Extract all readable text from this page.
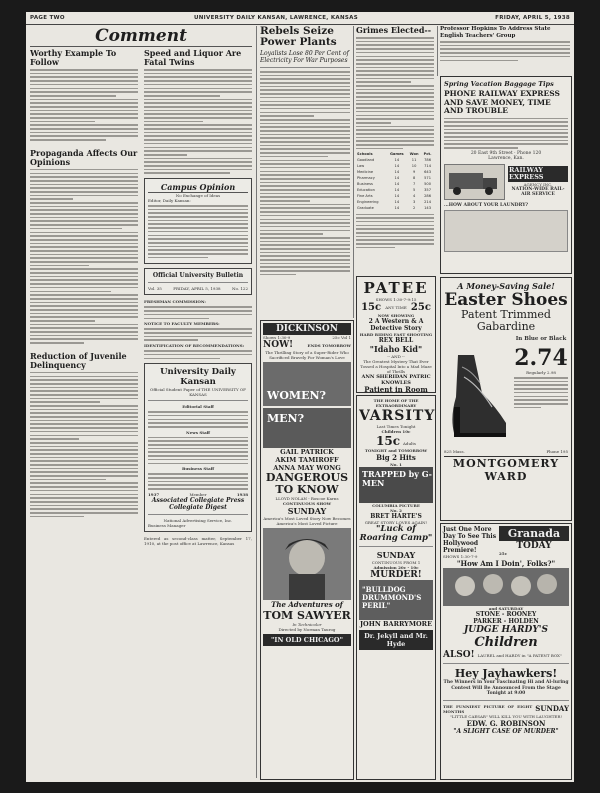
PAGE TWO	UNIVERSITY DAILY KANSAN, LAWRENCE, KANSAS	FRIDAY, APRIL 5, 1938
Comment
Worthy Example To Follow
Propaganda Affects Our Opinions
Reduction of Juvenile Delinquency
Speed and Liquor Are Fatal Twins
Campus Opinion
No Exchange of Ideas
Editor, Daily Kansan:
Official University Bulletin
Vol. 35	FRIDAY, APRIL 5, 1938	No. 122
FRESHMAN COMMISSION:
NOTICE TO FACULTY MEMBERS:
IDENTIFICATION OF RECOMMENDATIONS:
University Daily Kansan
Official Student Paper of THE UNIVERSITY OF KANSAS
Editorial Staff
News Staff
Business Staff
1937	Member	1938
Associated Collegiate Press
Collegiate Digest
National Advertising Service, Inc.
Business Manager
Entered as second-class matter, September 17, 1910, at the post office at Lawrence, Kansas
Rebels Seize Power Plants
Loyalists Lose 80 Per Cent of Electricity For War Purposes
Grimes Elected--
Schools	Games	Won	Pct.
Goodland	14	11	786
Law	14	10	714
Medicine	14	9	643
Pharmacy	14	8	571
Business	14	7	500
Education	14	5	357
Fine Arts	14	4	286
Engineering	14	3	214
Graduate	14	2	143
Professor Hopkins To Address State English Teachers' Group
Spring Vacation Baggage Tips
PHONE RAILWAY EXPRESS AND SAVE MONEY, TIME AND TROUBLE
20 East 9th Street · Phone 120
Lawrence, Kan.
RAILWAY EXPRESS
AGENCY INC.
NATION-WIDE RAIL-AIR SERVICE
...HOW ABOUT YOUR LAUNDRY?
PATEE
SHOWS 1:30-7-9:15
15c ANY TIME 25c
NOW SHOWING
2 A Western & A Detective Story
HARD RIDING FAST SHOOTING
REX BELL
"Idaho Kid"
-- AND --
The Greatest Mystery That Ever Tossed a Hospital Into a Mad Maze of Thrills
ANN SHERIDAN PATRIC KNOWLES
Patient in Room
DICKINSON
Shows 1:30-9	25c Vol 1
NOW!	ENDS TOMORROW
The Thrilling Story of a Super-Rider Who Sacrificed Bravely For Woman's Love
WOMEN?
MEN?
GAIL PATRICK
AKIM TAMIROFF
ANNA MAY WONG
DANGEROUS TO KNOW
LLOYD NOLAN - Roscoe Karns
CONTINUOUS SHOW
SUNDAY
America's Most Loved Story Now Becomes America's Most Loved Picture
The Adventures of
TOM SAWYER
In Technicolor
Directed by Norman Taurog
"IN OLD CHICAGO"
THE HOME OF THE EXTRAORDINARY
VARSITY
Last Times Tonight
Children 10c
15c Adults
TONIGHT and TOMORROW
Big 2 Hits
No. 1
TRAPPED by G-MEN
COLUMBIA PICTURE
No. 2
BRET HARTE'S
GREAT STORY LOVES AGAIN!
"Luck of Roaring Camp"
SUNDAY
CONTINUOUS FROM 1
Admission 20c - 10c
MURDER!
"BULLDOG DRUMMOND'S PERIL"
JOHN BARRYMORE
Dr. Jekyll and Mr. Hyde
A Money-Saving Sale!
Easter Shoes
Patent Trimmed Gabardine
In Blue or Black
2.74
Regularly 2.98
825 Mass.	Phone 195
MONTGOMERY WARD
Just One More Day To See This Hollywood Premiere!
SHOWS 1:30-7-9
Granada
TODAY
25c
"How Am I Doin', Folks?"
and SATURDAY
STONE - ROONEY
PARKER - HOLDEN
JUDGE HARDY'S
Children
ALSO! LAUREL and HARDY in "A PATENT BOX"
Hey Jayhawkers!
The Winners in Your Fascinating Hi and Al-luring Contest Will Be Announced From the Stage Tonight at 9:00
THE FUNNIEST PICTURE OF EIGHT MONTHS	SUNDAY
"LITTLE CAESAR" WILL KILL YOU WITH LAUGHTER!
EDW. G. ROBINSON
"A SLIGHT CASE OF MURDER"
